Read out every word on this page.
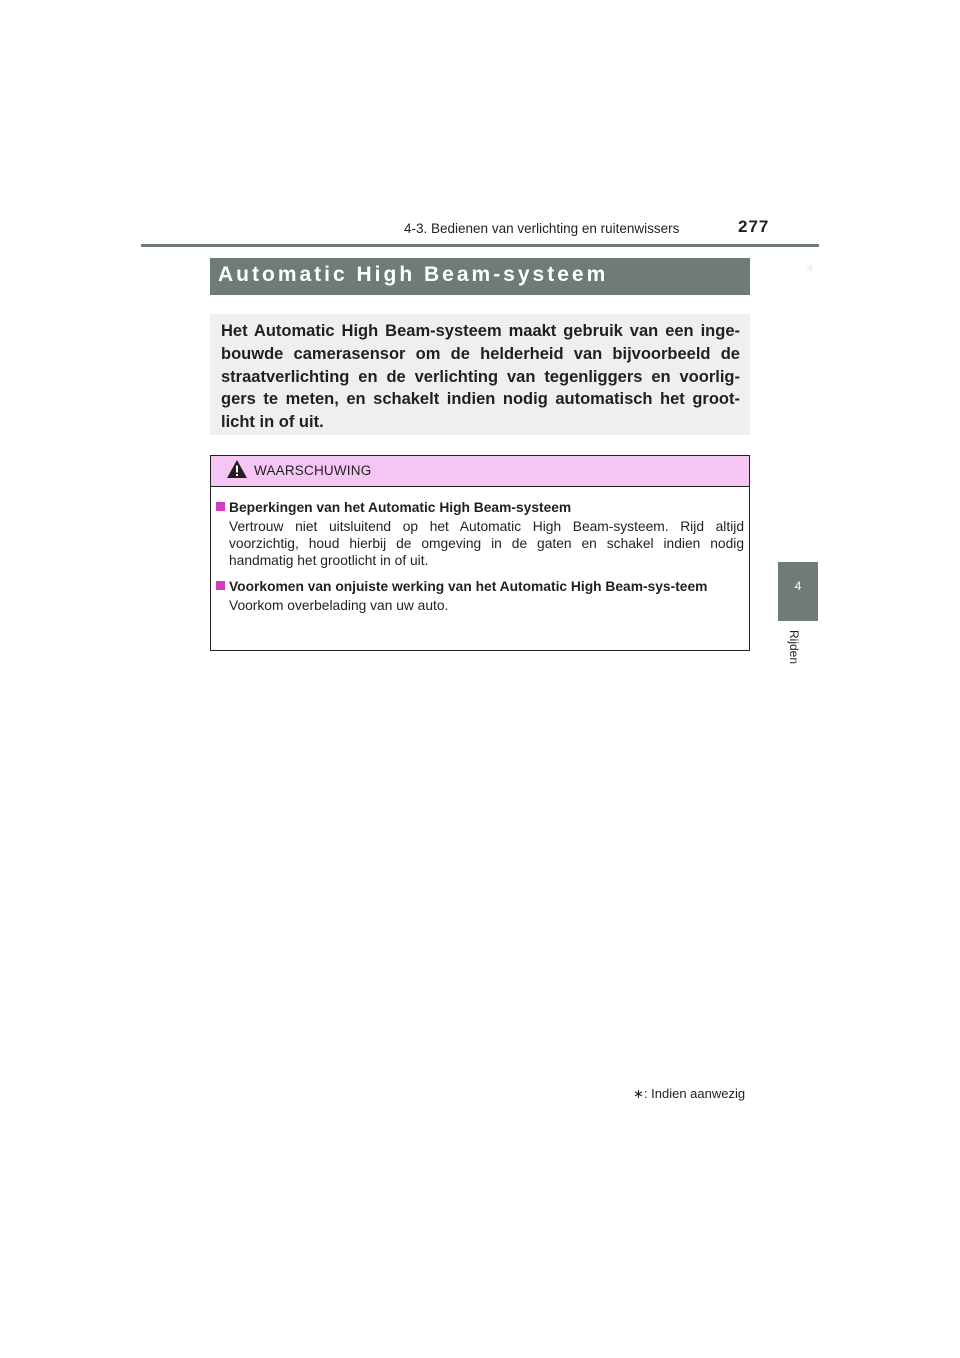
4-3. Bedienen van verlichting en ruitenwissers	277
4
Rijden
Automatic High Beam-systeem	∗

Het Automatic High Beam-systeem maakt gebruik van een inge-bouwde camerasensor om de helderheid van bijvoorbeeld de straatverlichting en de verlichting van tegenliggers en voorlig-gers te meten, en schakelt indien nodig automatisch het groot-licht in of uit.

WAARSCHUWING
Beperkingen van het Automatic High Beam-systeem
Vertrouw niet uitsluitend op het Automatic High Beam-systeem. Rijd altijd voorzichtig, houd hierbij de omgeving in de gaten en schakel indien nodig handmatig het grootlicht in of uit.
Voorkomen van onjuiste werking van het Automatic High Beam-sys-teem
Voorkom overbelading van uw auto.
∗: Indien aanwezig
